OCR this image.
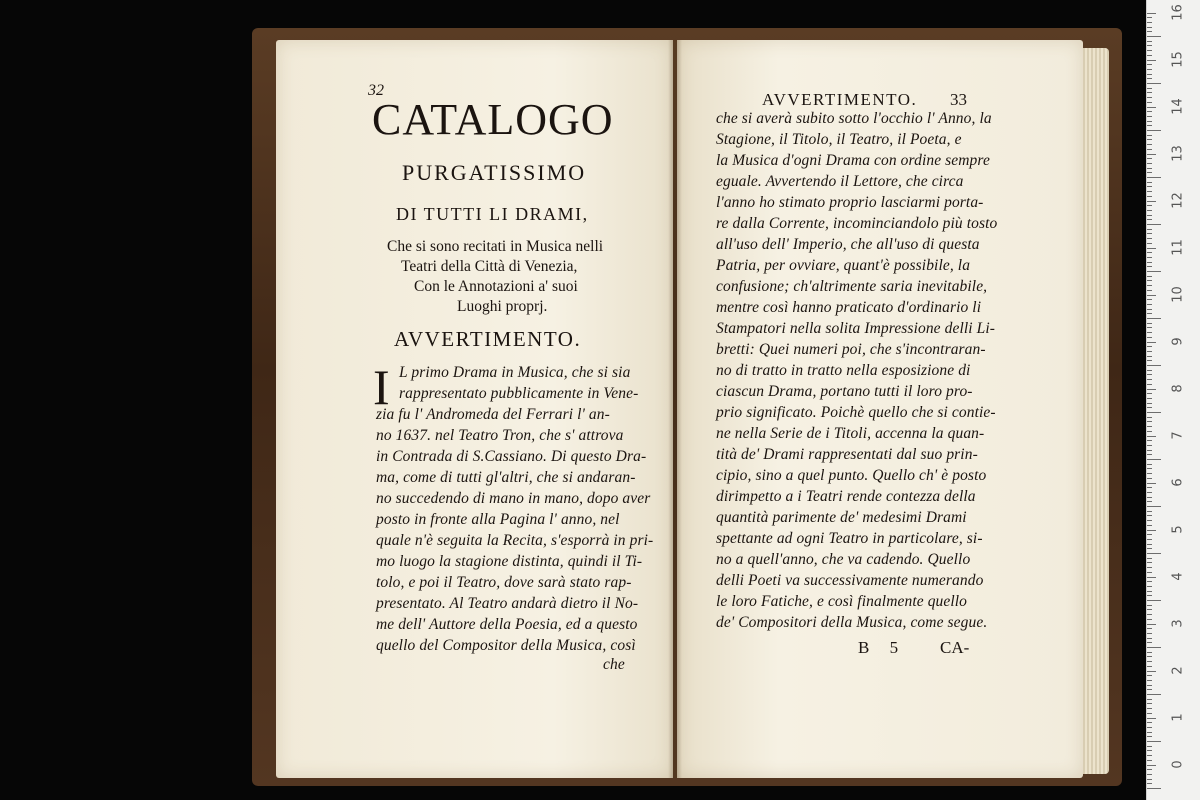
32
CATALOGO
PURGATISSIMO
DI TUTTI LI DRAMI,
Che si sono recitati in Musica nelli
Teatri della Città di Venezia,
Con le Annotazioni a' suoi
Luoghi proprj.
AVVERTIMENTO.
I L primo Drama in Musica, che si sia
rappresentato pubblicamente in Vene-
zia fu l' Andromeda del Ferrari l' an-
no 1637. nel Teatro Tron, che s' attrova
in Contrada di S.Cassiano. Di questo Dra-
ma, come di tutti gl'altri, che si andaran-
no succedendo di mano in mano, dopo aver
posto in fronte alla Pagina l' anno, nel
quale n'è seguita la Recita, s'esporrà in pri-
mo luogo la stagione distinta, quindi il Ti-
tolo, e poi il Teatro, dove sarà stato rap-
presentato. Al Teatro andarà dietro il No-
me dell' Auttore della Poesia, ed a questo
quello del Compositor della Musica, così
che
AVVERTIMENTO. 33
che si averà subito sotto l'occhio l' Anno, la
Stagione, il Titolo, il Teatro, il Poeta, e
la Musica d'ogni Drama con ordine sempre
eguale. Avvertendo il Lettore, che circa
l'anno ho stimato proprio lasciarmi porta-
re dalla Corrente, incominciandolo più tosto
all'uso dell' Imperio, che all'uso di questa
Patria, per ovviare, quant'è possibile, la
confusione; ch'altrimente saria inevitabile,
mentre così hanno praticato d'ordinario li
Stampatori nella solita Impressione delli Li-
bretti: Quei numeri poi, che s'incontraran-
no di tratto in tratto nella esposizione di
ciascun Drama, portano tutti il loro pro-
prio significato. Poichè quello che si contie-
ne nella Serie de i Titoli, accenna la quan-
tità de' Drami rappresentati dal suo prin-
cipio, sino a quel punto. Quello ch' è posto
dirimpetto a i Teatri rende contezza della
quantità parimente de' medesimi Drami
spettante ad ogni Teatro in particolare, si-
no a quell'anno, che va cadendo. Quello
delli Poeti va successivamente numerando
le loro Fatiche, e così finalmente quello
de' Compositori della Musica, come segue.
B 5 CA-
0
1
2
3
4
5
6
7
8
9
10
11
12
13
14
15
16
